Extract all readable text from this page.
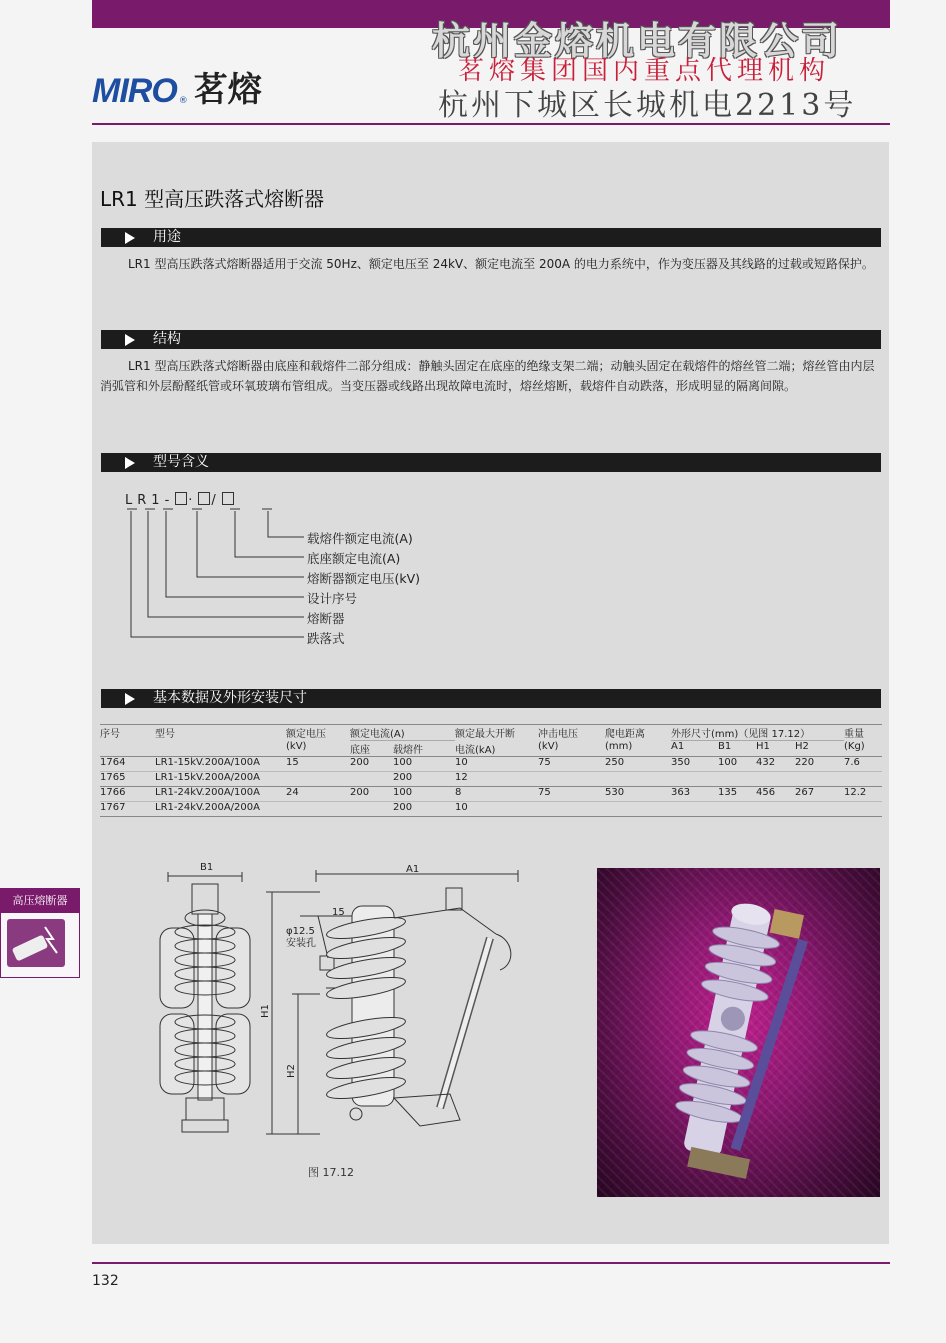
MIRO ® 茗熔
杭州金熔机电有限公司
茗熔集团国内重点代理机构
杭州下城区长城机电2213号
LR1 型高压跌落式熔断器
用途
LR1 型高压跌落式熔断器适用于交流 50Hz、额定电压至 24kV、额定电流至 200A 的电力系统中，作为变压器及其线路的过载或短路保护。
结构
LR1 型高压跌落式熔断器由底座和载熔件二部分组成：静触头固定在底座的绝缘支架二端；动触头固定在载熔件的熔丝管二端；熔丝管由内层消弧管和外层酚醛纸管或环氧玻璃布管组成。当变压器或线路出现故障电流时，熔丝熔断，载熔件自动跌落，形成明显的隔离间隙。
型号含义
LR1- · /
载熔件额定电流(A)
底座额定电流(A)
熔断器额定电压(kV)
设计序号
熔断器
跌落式
基本数据及外形安装尺寸
序号	型号	额定电压	额定电流(A)		额定最大开断	冲击电压	爬电距离	外形尺寸(mm)（见图 17.12）				重量
		(kV)	底座	载熔件	电流(kA)	(kV)	(mm)	A1	B1	H1	H2	(Kg)
1764	LR1-15kV.200A/100A	15	200	100	10	75	250	350	100	432	220	7.6
1765	LR1-15kV.200A/200A			200	12							
1766	LR1-24kV.200A/100A	24	200	100	8	75	530	363	135	456	267	12.2
1767	LR1-24kV.200A/200A			200	10							
高压熔断器
B1	A1
15
φ12.5
安装孔
H1
H2
图 17.12
132
